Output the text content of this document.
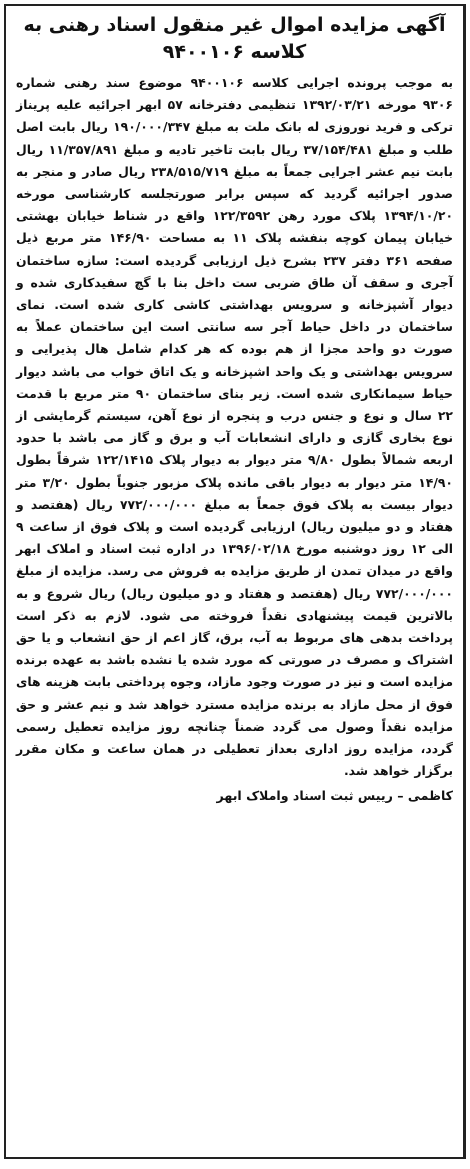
آگهی مزایده اموال غیر منقول اسناد رهنی به کلاسه ۹۴۰۰۱۰۶

به موجب پرونده اجرایی کلاسه ۹۴۰۰۱۰۶ موضوع سند رهنی شماره ۹۳۰۶ مورخه ۱۳۹۲/۰۳/۲۱ تنظیمی دفترخانه ۵۷ ابهر اجرائیه علیه پریناز ترکی و فرید نوروزی له بانک ملت به مبلغ ۱۹۰/۰۰۰/۳۴۷ ریال بابت اصل طلب و مبلغ ۳۷/۱۵۴/۴۸۱ ریال بابت تاخیر تادیه و مبلغ ۱۱/۳۵۷/۸۹۱ ریال بابت نیم عشر اجرایی جمعاً به مبلغ ۲۳۸/۵۱۵/۷۱۹ ریال صادر و منجر به صدور اجرائیه گردید که سپس برابر صورتجلسه کارشناسی مورخه ۱۳۹۴/۱۰/۲۰ پلاک مورد رهن ۱۲۲/۳۵۹۲ واقع در شناط خیابان بهشتی خیابان پیمان کوچه بنفشه پلاک ۱۱ به مساحت ۱۴۶/۹۰ متر مربع ذیل صفحه ۳۶۱ دفتر ۲۳۷ بشرح ذیل ارزیابی گردیده است: سازه ساختمان آجری و سقف آن طاق ضربی ست داخل بنا با گچ سفیدکاری شده و دیوار آشپزخانه و سرویس بهداشتی کاشی کاری شده است. نمای ساختمان در داخل حیاط آجر سه سانتی است این ساختمان عملاً به صورت دو واحد مجزا از هم بوده که هر کدام شامل هال پذیرایی و سرویس بهداشتی و یک واحد اشپزخانه و یک اتاق خواب می باشد دیوار حیاط سیمانکاری شده است. زیر بنای ساختمان ۹۰ متر مربع با قدمت ۲۲ سال و نوع و جنس درب و پنجره از نوع آهن، سیستم گرمایشی از نوع بخاری گازی و دارای انشعابات آب و برق و گاز می باشد با حدود اربعه شمالاً بطول ۹/۸۰ متر دیوار به دیوار پلاک ۱۲۲/۱۴۱۵ شرقاً بطول ۱۴/۹۰ متر دیوار به دیوار باقی مانده پلاک مزبور جنوباً بطول ۳/۲۰ متر دیوار بیست به پلاک فوق جمعاً به مبلغ ۷۷۲/۰۰۰/۰۰۰ ریال (هفتصد و هفتاد و دو میلیون ریال) ارزیابی گردیده است و پلاک فوق از ساعت ۹ الی ۱۲ روز دوشنبه مورخ ۱۳۹۶/۰۲/۱۸ در اداره ثبت اسناد و املاک ابهر واقع در میدان تمدن از طریق مزایده به فروش می رسد. مزایده از مبلغ ۷۷۲/۰۰۰/۰۰۰ ریال (هفتصد و هفتاد و دو میلیون ریال) ریال شروع و به بالاترین قیمت پیشنهادی نقداً فروخته می شود. لازم به ذکر است پرداخت بدهی های مربوط به آب، برق، گاز اعم از حق انشعاب و یا حق اشتراک و مصرف در صورتی که مورد شده یا نشده باشد به عهده برنده مزایده است و نیز در صورت وجود مازاد، وجوه پرداختی بابت هزینه های فوق از محل مازاد به برنده مزایده مسترد خواهد شد و نیم عشر و حق مزایده نقداً وصول می گردد ضمناً چنانچه روز مزایده تعطیل رسمی گردد، مزایده روز اداری بعداز تعطیلی در همان ساعت و مکان مقرر برگزار خواهد شد.

کاظمی – رییس ثبت اسناد واملاک ابهر
